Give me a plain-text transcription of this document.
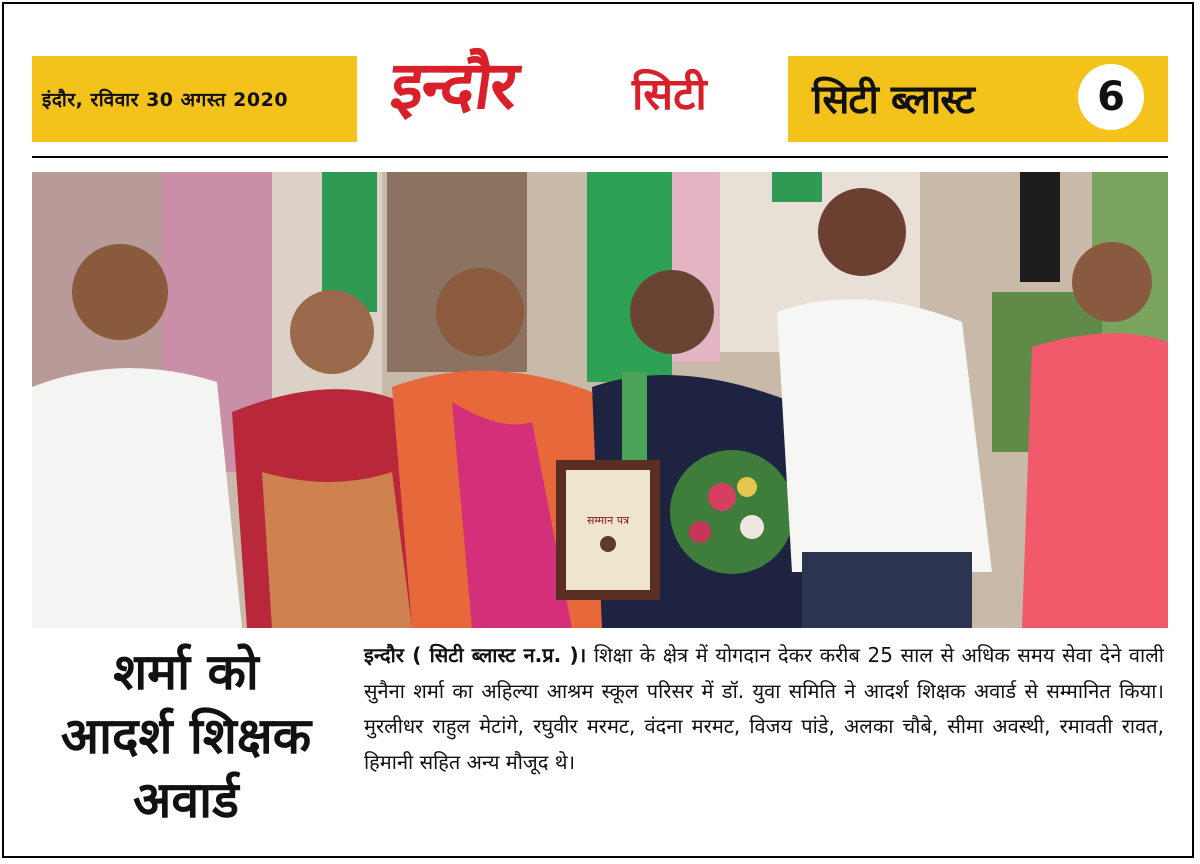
इंदौर, रविवार 30 अगस्त 2020 इन्दौर	सिटी	सिटी ब्लास्ट	6
सम्मान पत्र
शर्मा को
आदर्श शिक्षक
अवार्ड
इन्दौर ( सिटी ब्लास्ट न.प्र. )। शिक्षा के क्षेत्र में योगदान देकर करीब 25 साल से अधिक समय सेवा देने वाली सुनैना शर्मा का अहिल्या आश्रम स्कूल परिसर में डॉ. युवा समिति ने आदर्श शिक्षक अवार्ड से सम्मानित किया। मुरलीधर राहुल मेटांगे, रघुवीर मरमट, वंदना मरमट, विजय पांडे, अलका चौबे, सीमा अवस्थी, रमावती रावत, हिमानी सहित अन्य मौजूद थे।
